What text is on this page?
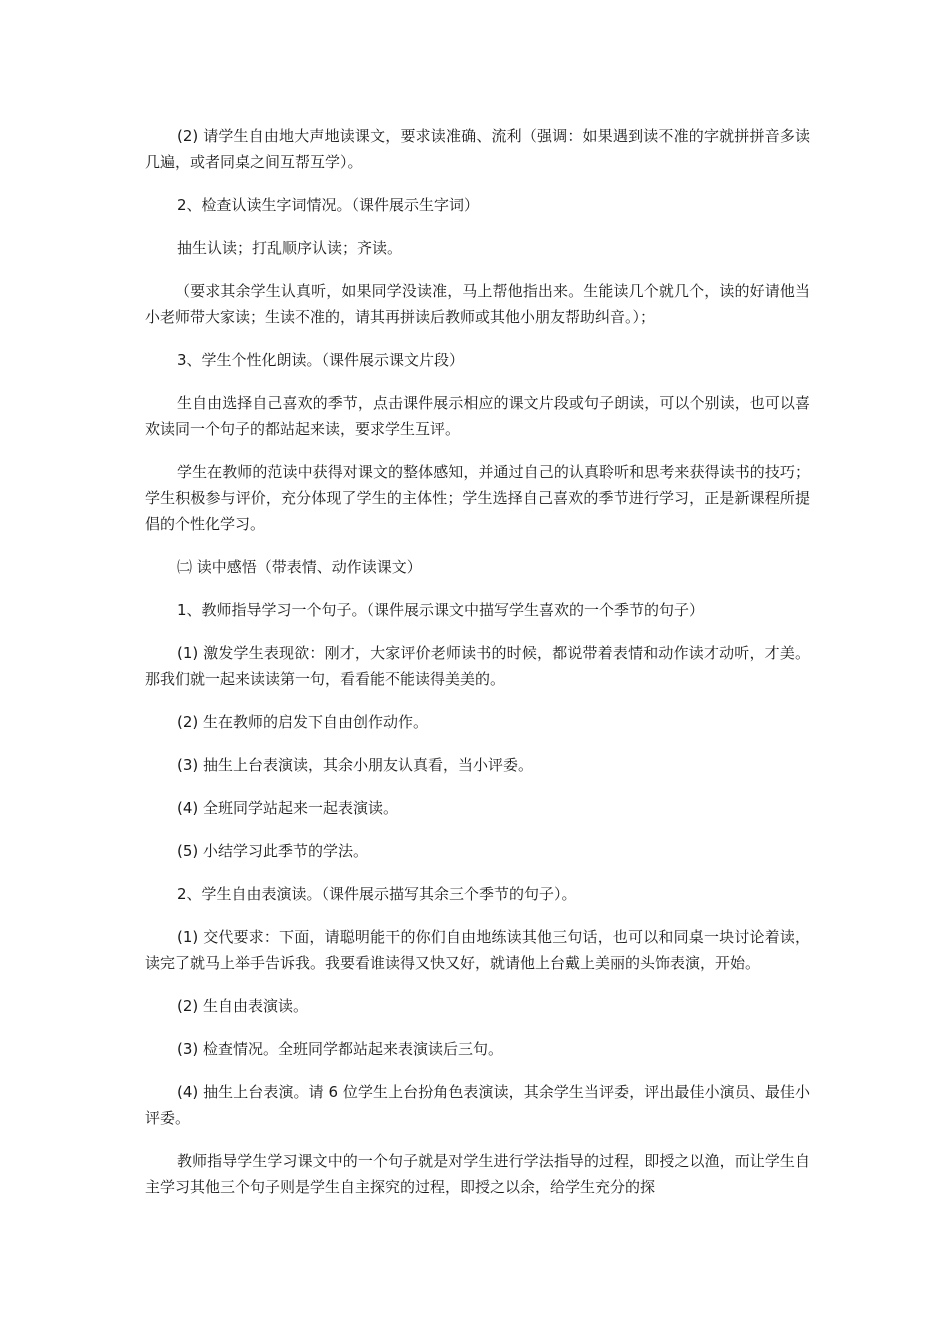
(2) 请学生自由地大声地读课文，要求读准确、流利（强调：如果遇到读不准的字就拼拼音多读几遍，或者同桌之间互帮互学）。

2、检查认读生字词情况。（课件展示生字词）

抽生认读；打乱顺序认读；齐读。

（要求其余学生认真听，如果同学没读准，马上帮他指出来。生能读几个就几个，读的好请他当小老师带大家读；生读不准的，请其再拼读后教师或其他小朋友帮助纠音。）；

3、学生个性化朗读。（课件展示课文片段）

生自由选择自己喜欢的季节，点击课件展示相应的课文片段或句子朗读，可以个别读，也可以喜欢读同一个句子的都站起来读，要求学生互评。

学生在教师的范读中获得对课文的整体感知，并通过自己的认真聆听和思考来获得读书的技巧；学生积极参与评价，充分体现了学生的主体性；学生选择自己喜欢的季节进行学习，正是新课程所提倡的个性化学习。

㈡ 读中感悟（带表情、动作读课文）

1、教师指导学习一个句子。（课件展示课文中描写学生喜欢的一个季节的句子）

(1) 激发学生表现欲：刚才，大家评价老师读书的时候，都说带着表情和动作读才动听，才美。那我们就一起来读读第一句，看看能不能读得美美的。

(2) 生在教师的启发下自由创作动作。

(3) 抽生上台表演读，其余小朋友认真看，当小评委。

(4) 全班同学站起来一起表演读。

(5) 小结学习此季节的学法。

2、学生自由表演读。（课件展示描写其余三个季节的句子）。

(1) 交代要求：下面，请聪明能干的你们自由地练读其他三句话，也可以和同桌一块讨论着读，读完了就马上举手告诉我。我要看谁读得又快又好，就请他上台戴上美丽的头饰表演，开始。

(2) 生自由表演读。

(3) 检查情况。全班同学都站起来表演读后三句。

(4) 抽生上台表演。请 6 位学生上台扮角色表演读，其余学生当评委，评出最佳小演员、最佳小评委。

教师指导学生学习课文中的一个句子就是对学生进行学法指导的过程，即授之以渔，而让学生自主学习其他三个句子则是学生自主探究的过程，即授之以余，给学生充分的探
